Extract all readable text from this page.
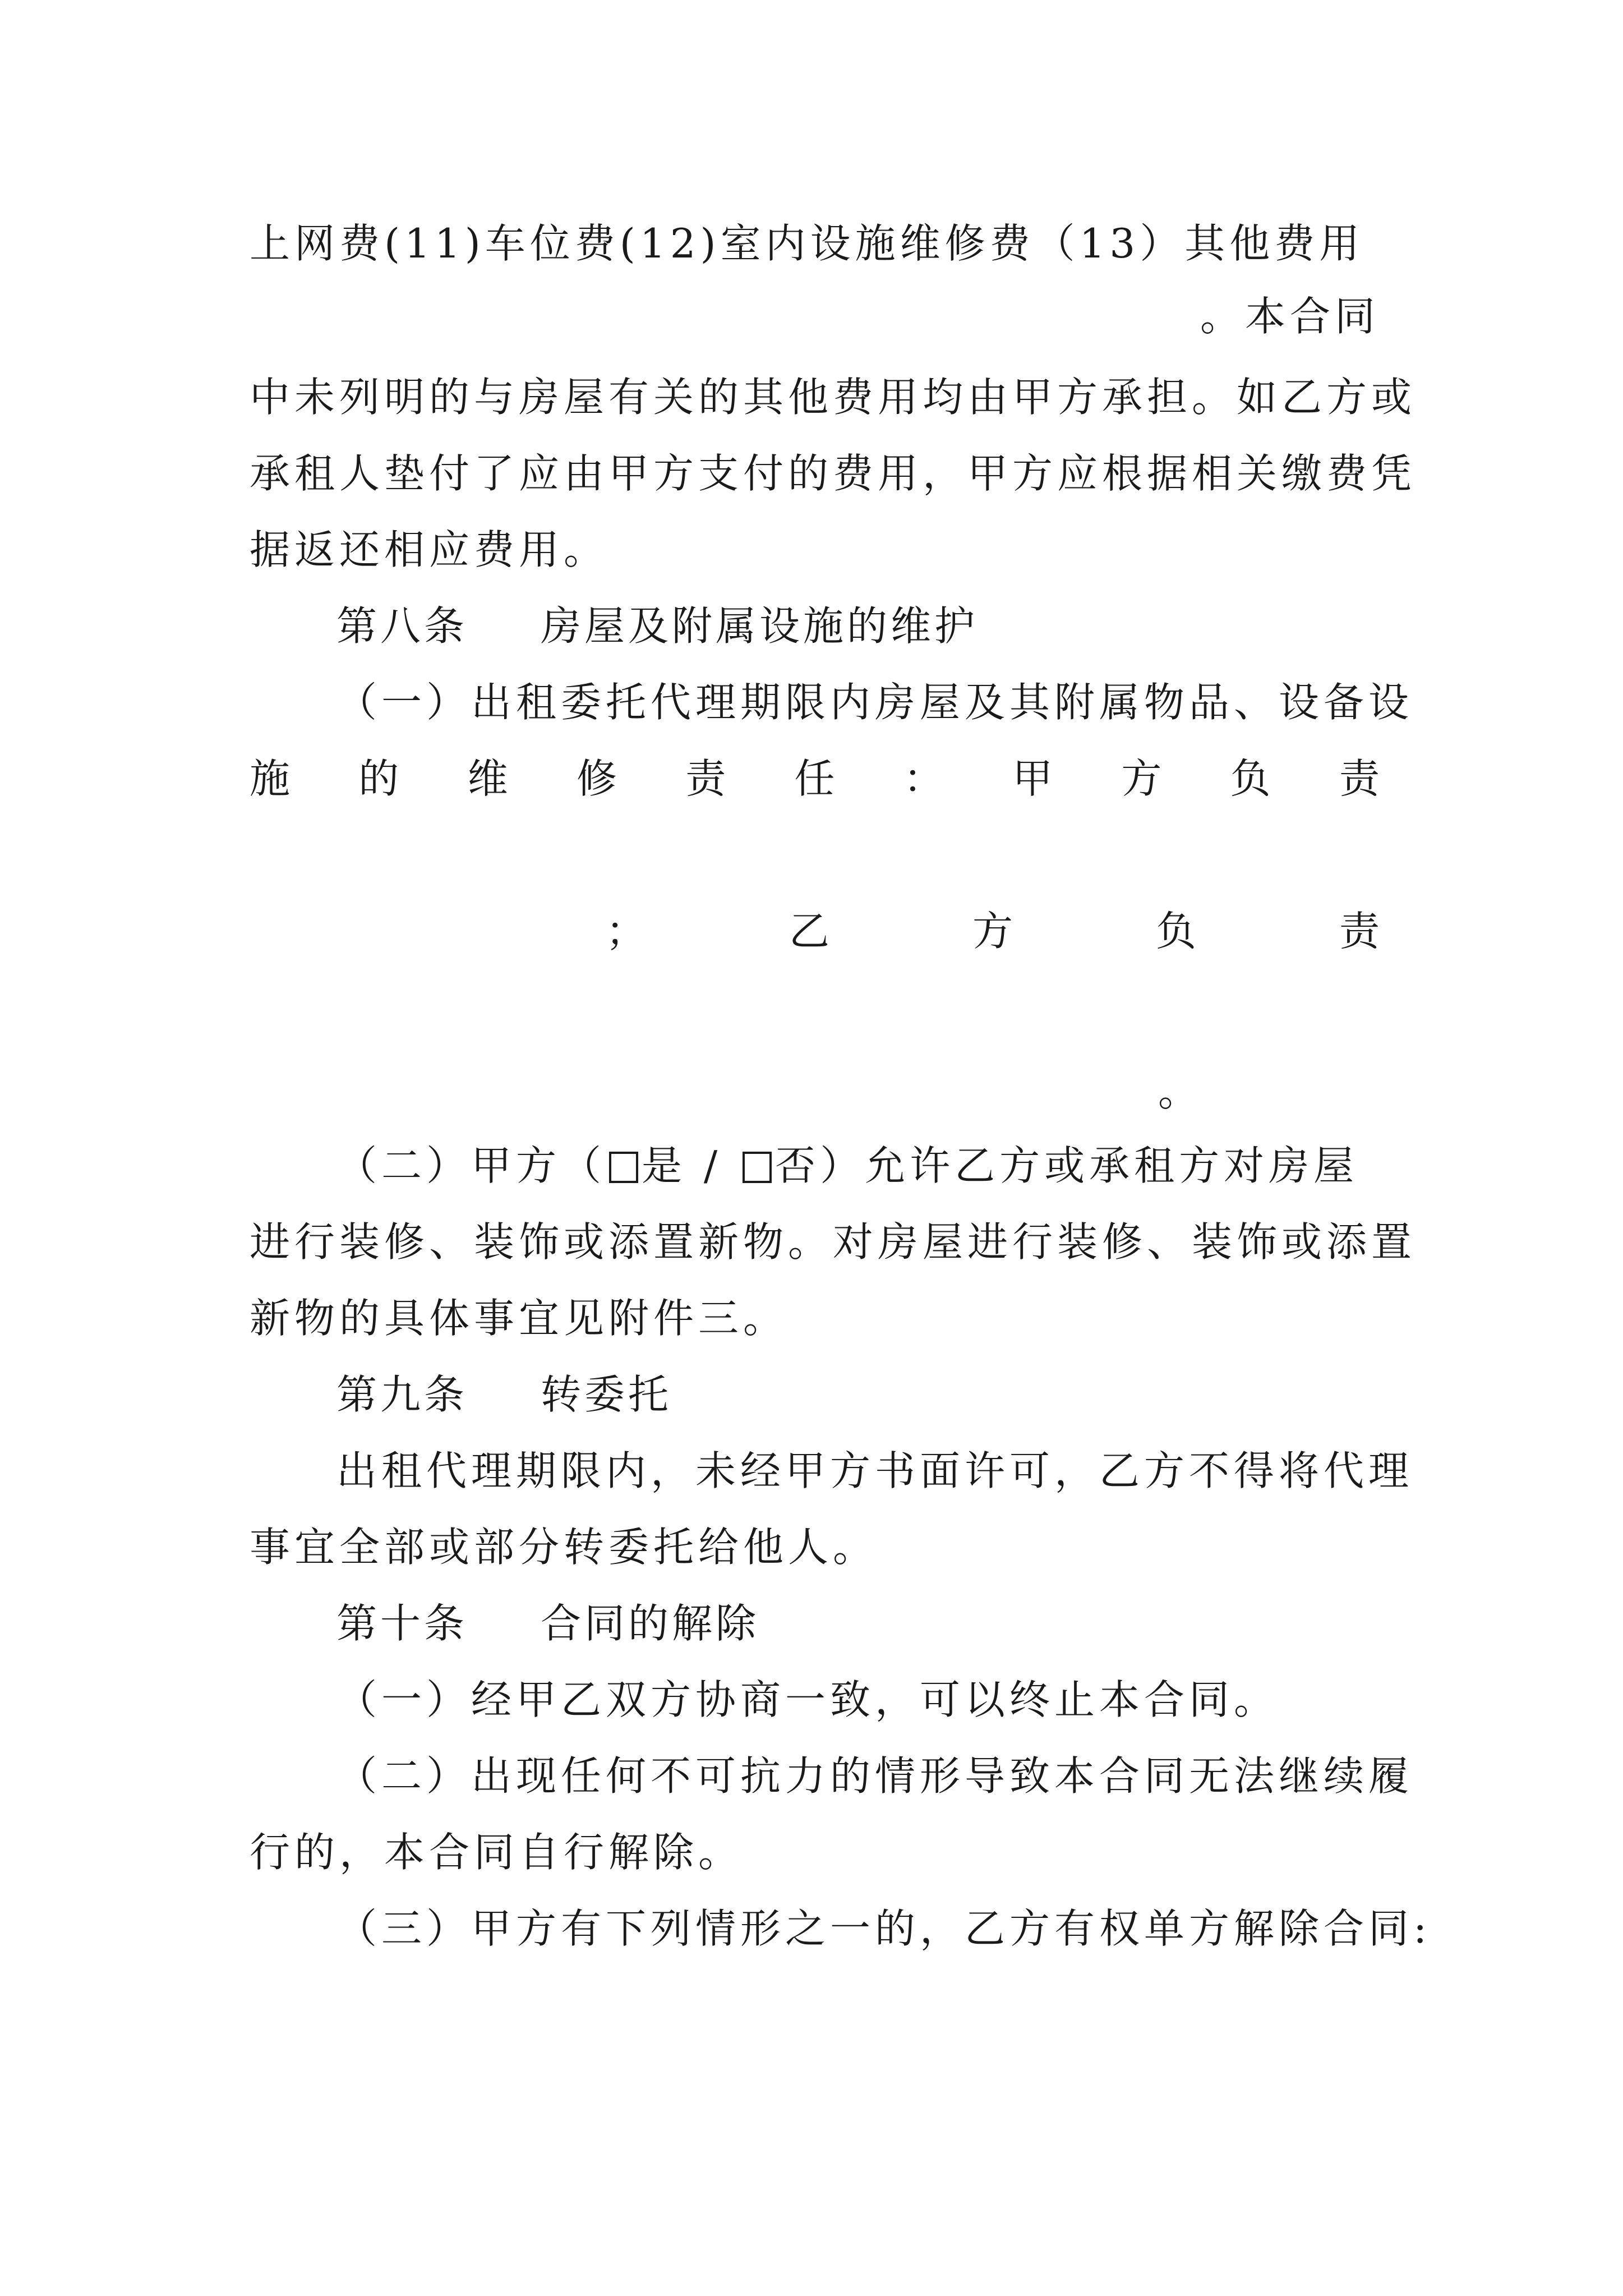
上网费(11)车位费(12)室内设施维修费（13）其他费用
。本合同
中未列明的与房屋有关的其他费用均由甲方承担。如乙方或
承租人垫付了应由甲方支付的费用，甲方应根据相关缴费凭
据返还相应费用。
第八条 房屋及附属设施的维护
（一）出租委托代理期限内房屋及其附属物品、设备设
施 的 维 修 责 任 ： 甲 方 负 责
；	乙	方	负	责
。
（二）甲方（ 是 / 否）允许乙方或承租方对房屋
进行装修、装饰或添置新物。对房屋进行装修、装饰或添置
新物的具体事宜见附件三。
第九条 转委托
出租代理期限内，未经甲方书面许可，乙方不得将代理
事宜全部或部分转委托给他人。
第十条 合同的解除
（一）经甲乙双方协商一致，可以终止本合同。
（二）出现任何不可抗力的情形导致本合同无法继续履
行的，本合同自行解除。
（三）甲方有下列情形之一的，乙方有权单方解除合同:
